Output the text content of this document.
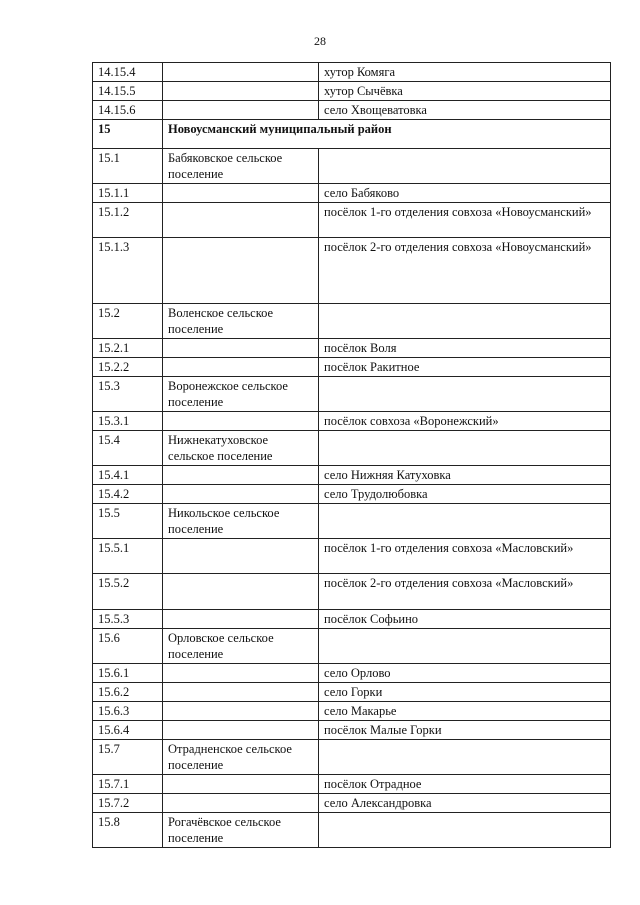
28
14.15.4		хутор Комяга
14.15.5		хутор Сычёвка
14.15.6		село Хвощеватовка
15	Новоусманский муниципальный район	
15.1	Бабяковское сельское поселение	
15.1.1		село Бабяково
15.1.2		посёлок 1-го отделения совхоза «Новоусманский»
15.1.3		посёлок 2-го отделения совхоза «Новоусманский»
15.2	Воленское сельское поселение	
15.2.1		посёлок Воля
15.2.2		посёлок Ракитное
15.3	Воронежское сельское поселение	
15.3.1		посёлок совхоза «Воронежский»
15.4	Нижнекатуховское сельское поселение	
15.4.1		село Нижняя Катуховка
15.4.2		село Трудолюбовка
15.5	Никольское сельское поселение	
15.5.1		посёлок 1-го отделения совхоза «Масловский»
15.5.2		посёлок 2-го отделения совхоза «Масловский»
15.5.3		посёлок Софьино
15.6	Орловское сельское поселение	
15.6.1		село Орлово
15.6.2		село Горки
15.6.3		село Макарье
15.6.4		посёлок Малые Горки
15.7	Отрадненское сельское поселение	
15.7.1		посёлок Отрадное
15.7.2		село Александровка
15.8	Рогачёвское сельское поселение	
